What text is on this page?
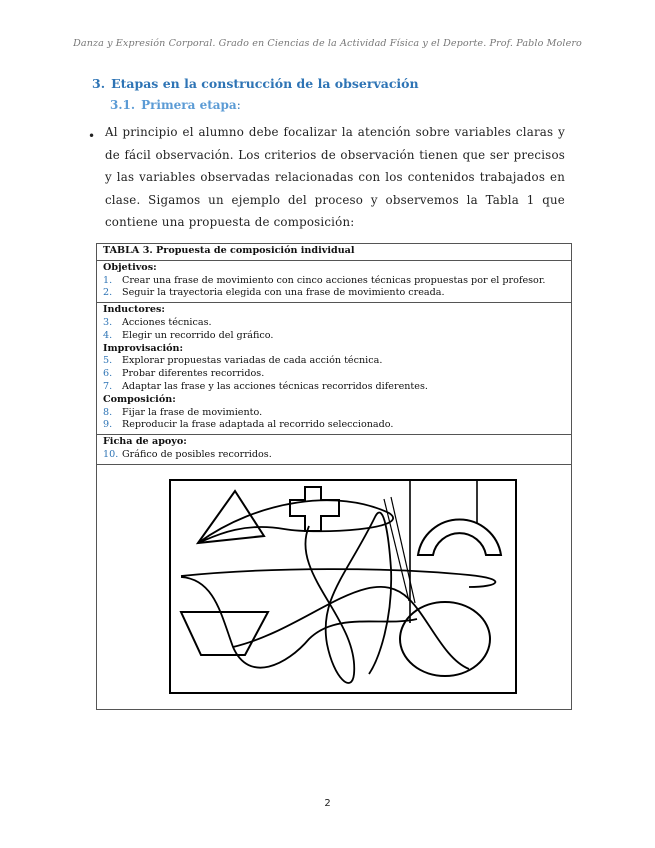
Danza y Expresión Corporal. Grado en Ciencias de la Actividad Física y el Deporte. Prof. Pablo Molero
3. Etapas en la construcción de la observación
3.1. Primera etapa:
• Al principio el alumno debe focalizar la atención sobre variables claras y de fácil observación. Los criterios de observación tienen que ser precisos y las variables observadas relacionadas con los contenidos trabajados en clase. Sigamos un ejemplo del proceso y observemos la Tabla 1 que contiene una propuesta de composición:
TABLA 3. Propuesta de composición individual
Objetivos:
1.	Crear una frase de movimiento con cinco acciones técnicas propuestas por el profesor.
2.	Seguir la trayectoria elegida con una frase de movimiento creada.
Inductores:
3.	Acciones técnicas.
4.	Elegir un recorrido del gráfico.
Improvisación:
5.	Explorar propuestas variadas de cada acción técnica.
6.	Probar diferentes recorridos.
7.	Adaptar las frase y las acciones técnicas recorridos diferentes.
Composición:
8.	Fijar la frase de movimiento.
9.	Reproducir la frase adaptada al recorrido seleccionado.
Ficha de apoyo:
10. Gráfico de posibles recorridos.
2
